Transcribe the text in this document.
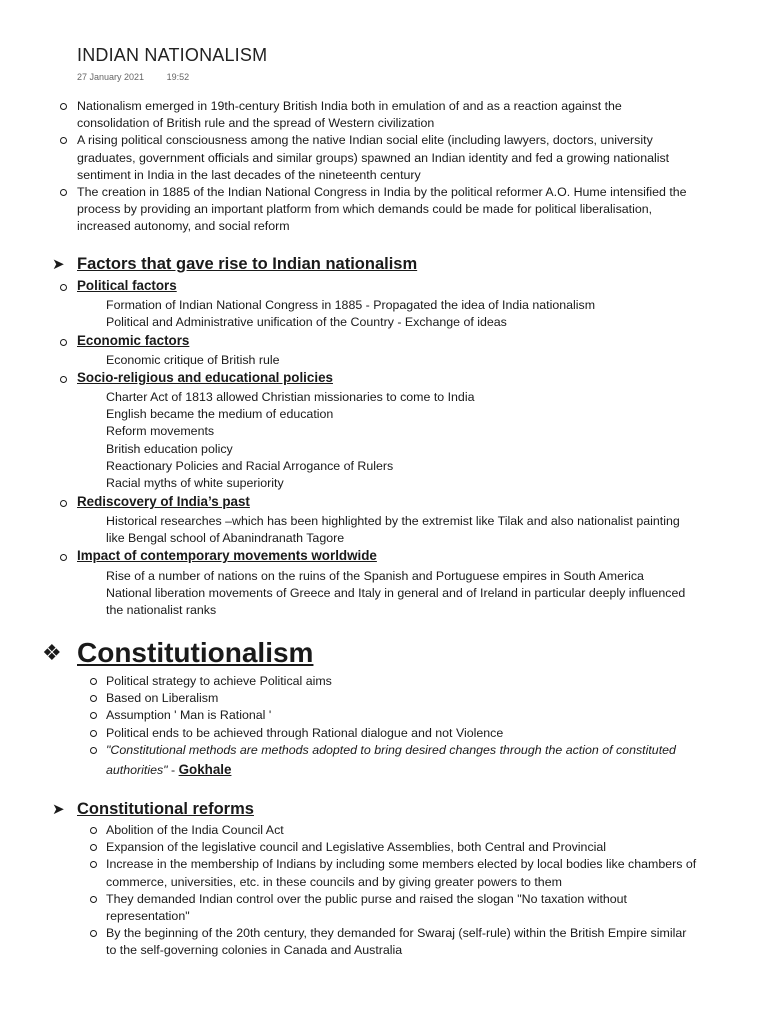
INDIAN NATIONALISM
27 January 2021	19:52
Nationalism emerged in 19th-century British India both in emulation of and as a reaction against the
consolidation of British rule and the spread of Western civilization
A rising political consciousness among the native Indian social elite (including lawyers, doctors, university
graduates, government officials and similar groups) spawned an Indian identity and fed a growing nationalist
sentiment in India in the last decades of the nineteenth century
The creation in 1885 of the Indian National Congress in India by the political reformer A.O. Hume intensified the
process by providing an important platform from which demands could be made for political liberalisation,
increased autonomy, and social reform
➤ Factors that gave rise to Indian nationalism
Political factors
Formation of Indian National Congress in 1885 - Propagated the idea of India nationalism
Political and Administrative unification of the Country - Exchange of ideas
Economic factors
Economic critique of British rule
Socio-religious and educational policies
Charter Act of 1813 allowed Christian missionaries to come to India
English became the medium of education
Reform movements
British education policy
Reactionary Policies and Racial Arrogance of Rulers
Racial myths of white superiority
Rediscovery of India’s past
Historical researches –which has been highlighted by the extremist like Tilak and also nationalist painting
like Bengal school of Abanindranath Tagore
Impact of contemporary movements worldwide
Rise of a number of nations on the ruins of the Spanish and Portuguese empires in South America
National liberation movements of Greece and Italy in general and of Ireland in particular deeply influenced
the nationalist ranks
❖ Constitutionalism
Political strategy to achieve Political aims
Based on Liberalism
Assumption ' Man is Rational '
Political ends to be achieved through Rational dialogue and not Violence
"Constitutional methods are methods adopted to bring desired changes through the action of constituted
authorities" - Gokhale
➤ Constitutional reforms
Abolition of the India Council Act
Expansion of the legislative council and Legislative Assemblies, both Central and Provincial
Increase in the membership of Indians by including some members elected by local bodies like chambers of
commerce, universities, etc. in these councils and by giving greater powers to them
They demanded Indian control over the public purse and raised the slogan "No taxation without
representation"
By the beginning of the 20th century, they demanded for Swaraj (self-rule) within the British Empire similar
to the self-governing colonies in Canada and Australia
